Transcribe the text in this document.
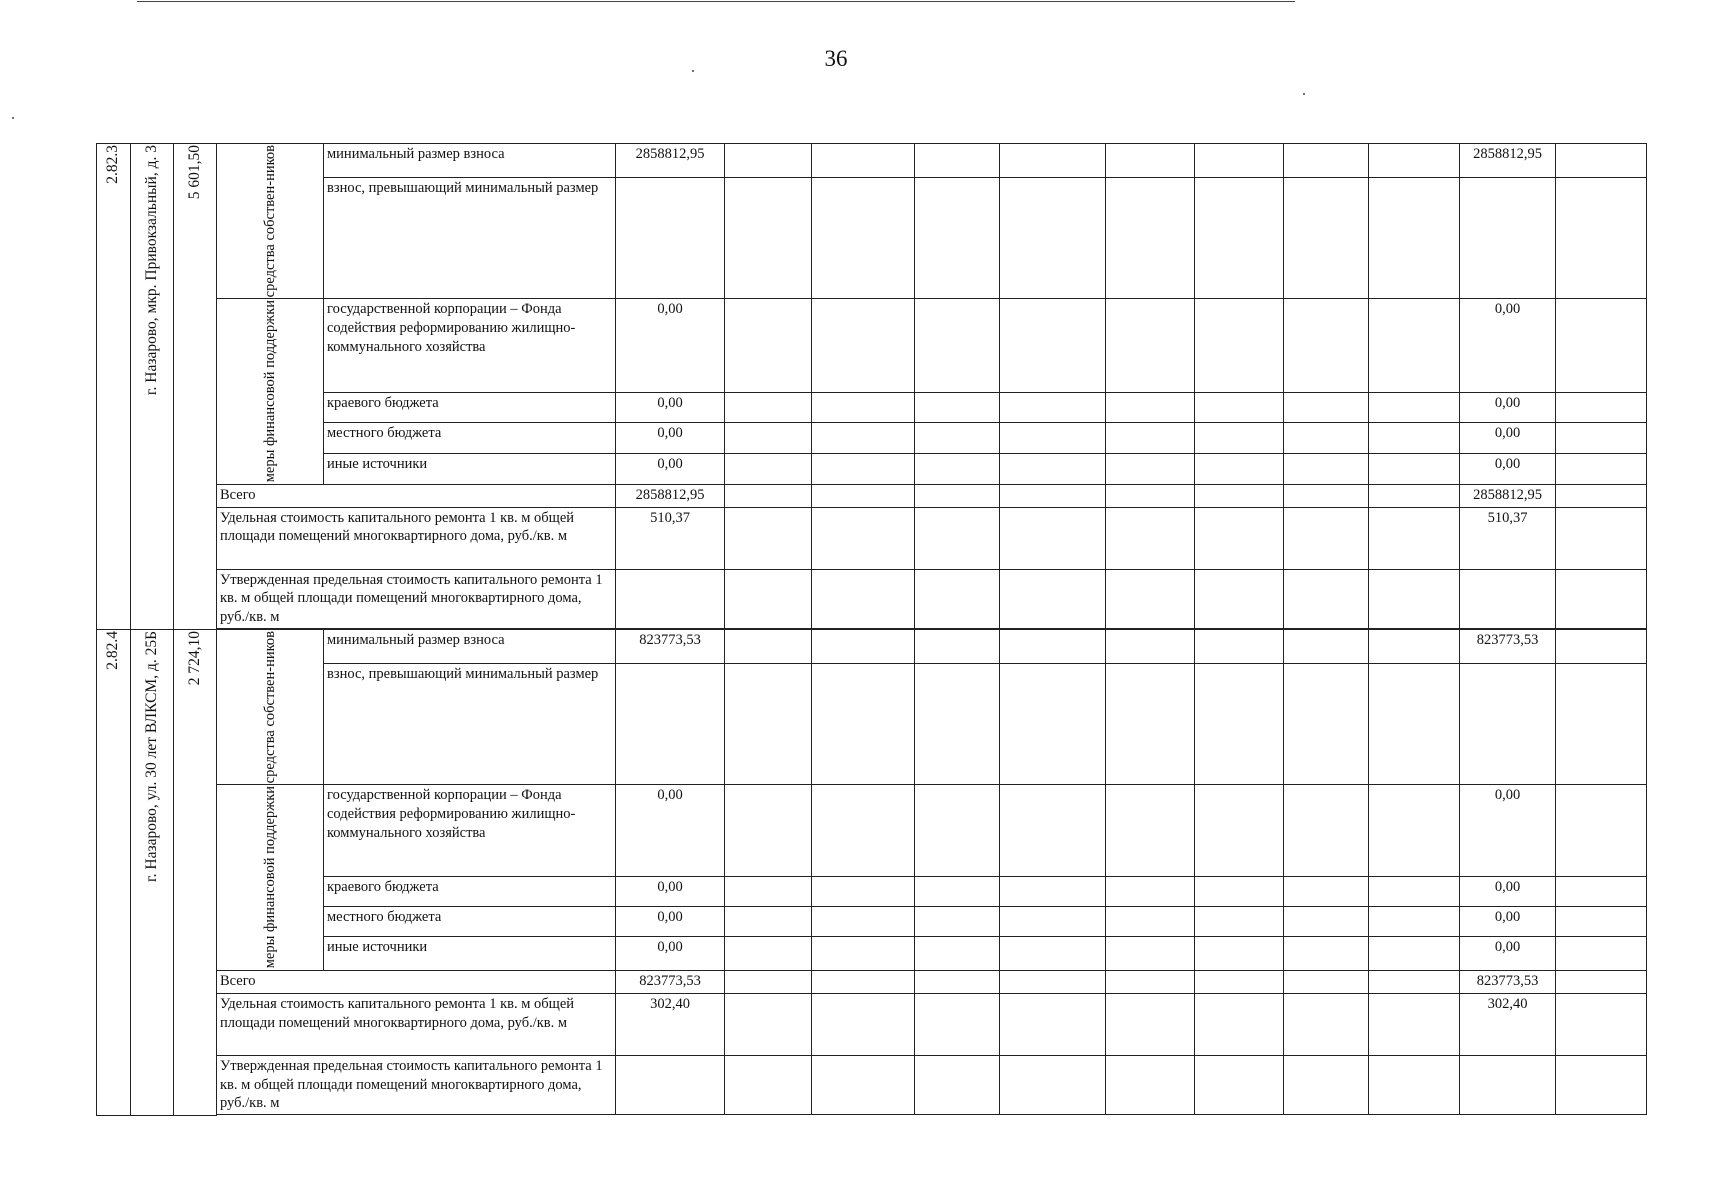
36
2.82.3	г. Назарово, мкр. Привокзальный, д. 3	5 601,50	средства собствен-ников	минимальный размер взноса	2858812,95									2858812,95	
				взнос, превышающий минимальный размер											

			меры финансовой поддержки	государственной корпорации – Фонда содействия реформированию жилищно-коммунального хозяйства	0,00									0,00	
				краевого бюджета	0,00									0,00	
				местного бюджета	0,00									0,00	
				иные источники	0,00									0,00	
			Всего		2858812,95									2858812,95	
			Удельная стоимость капитального ремонта 1 кв. м общей площади помещений многоквартирного дома, руб./кв. м		510,37									510,37	
			Утвержденная предельная стоимость капитального ремонта 1 кв. м общей площади помещений многоквартирного дома, руб./кв. м												

2.82.4	г. Назарово, ул. 30 лет ВЛКСМ, д. 25Б	2 724,10	средства собствен-ников	минимальный размер взноса	823773,53									823773,53	
				взнос, превышающий минимальный размер											

			меры финансовой поддержки	государственной корпорации – Фонда содействия реформированию жилищно-коммунального хозяйства	0,00									0,00	
				краевого бюджета	0,00									0,00	
				местного бюджета	0,00									0,00	
				иные источники	0,00									0,00	
			Всего		823773,53									823773,53	
			Удельная стоимость капитального ремонта 1 кв. м общей площади помещений многоквартирного дома, руб./кв. м		302,40									302,40	
			Утвержденная предельная стоимость капитального ремонта 1 кв. м общей площади помещений многоквартирного дома, руб./кв. м												
